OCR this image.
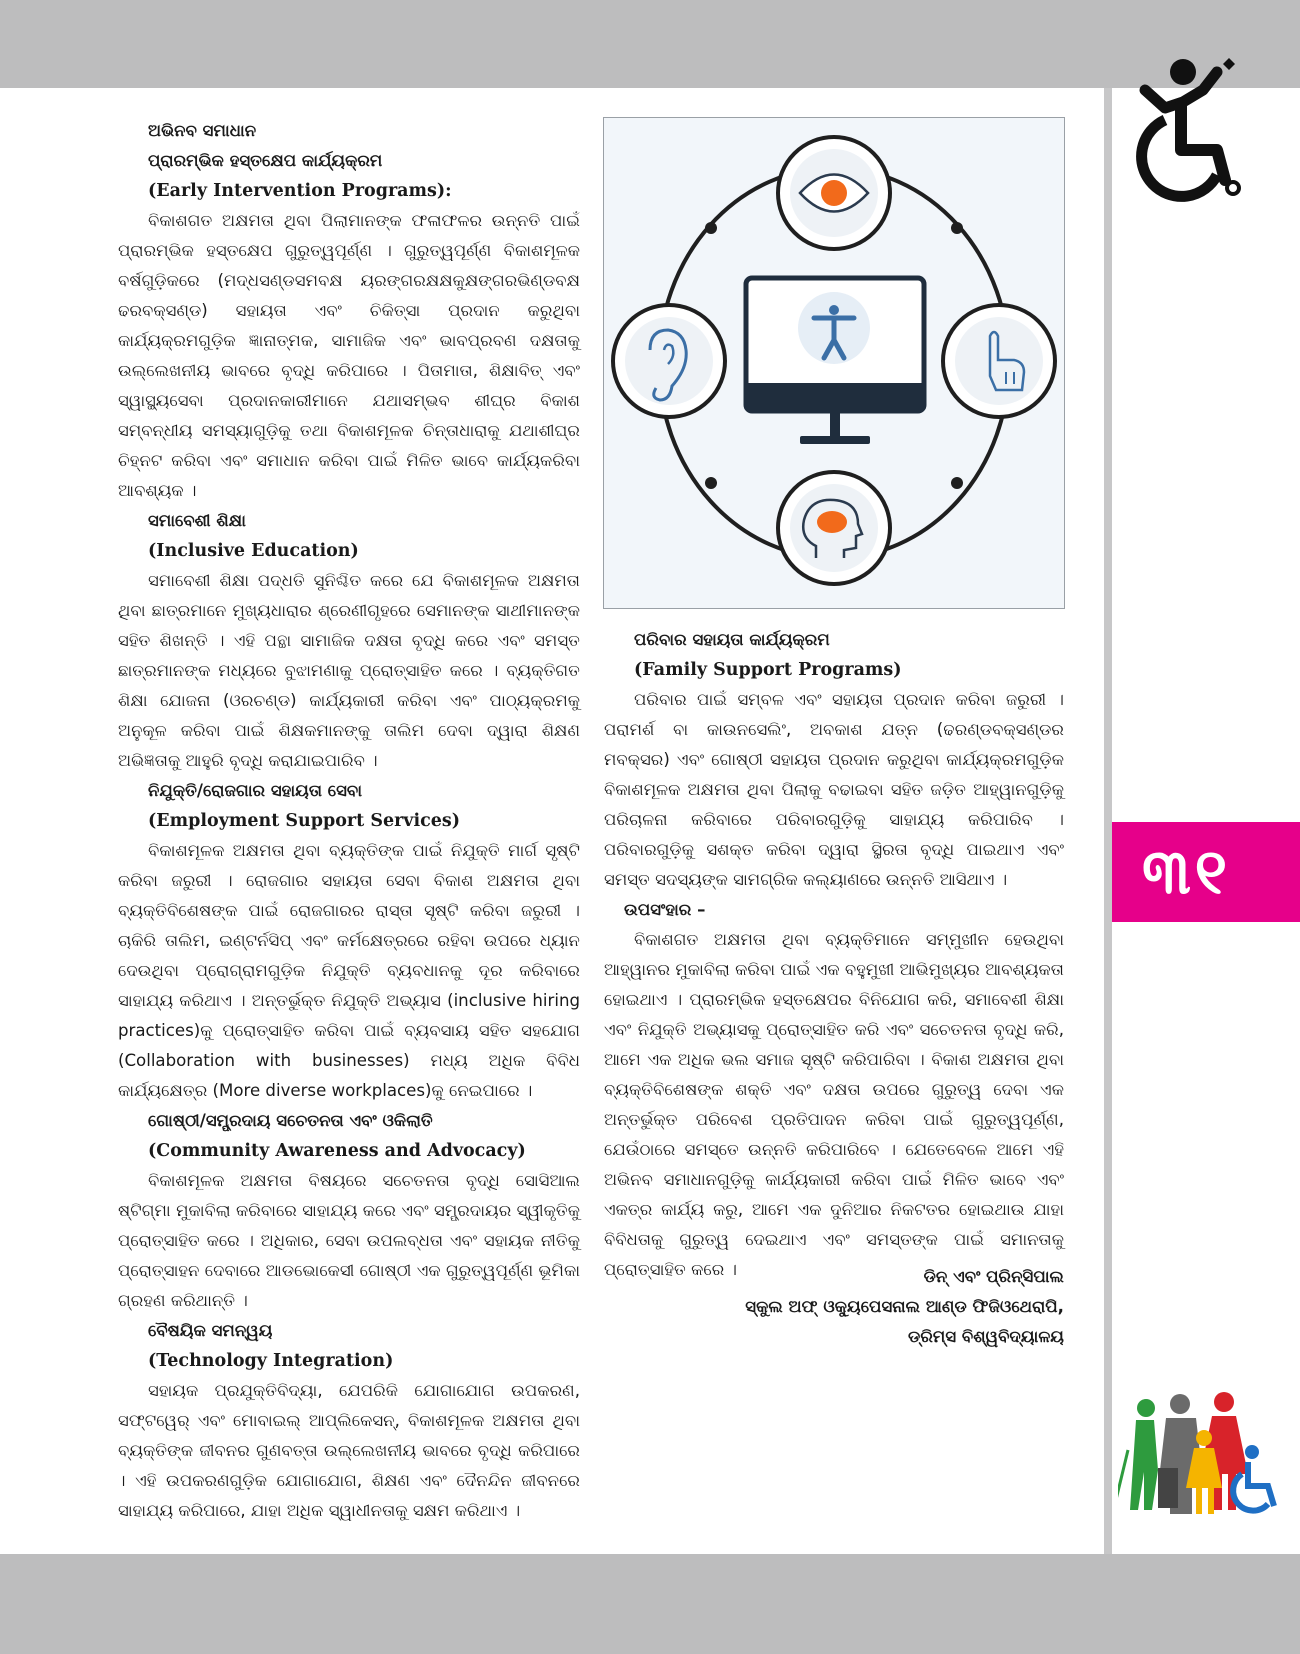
୩୧

ଅଭିନବ ସମାଧାନ

ପ୍ରାରମ୍ଭିକ ହସ୍ତକ୍ଷେପ କାର୍ଯ୍ୟକ୍ରମ

(Early Intervention Programs):

ବିକାଶଗତ ଅକ୍ଷମତା ଥିବା ପିଲାମାନଙ୍କ ଫଳାଫଳର ଉନ୍ନତି ପାଇଁ ପ୍ରାରମ୍ଭିକ ହସ୍ତକ୍ଷେପ ଗୁରୁତ୍ୱପୂର୍ଣ୍ଣ । ଗୁରୁତ୍ୱପୂର୍ଣ୍ଣ ବିକାଶମୂଳକ ବର୍ଷଗୁଡ଼ିକରେ (ମଦ୍ଧସଣ୍ଡସମବକ୍ଷ ୟରଙ୍ଗରକ୍ଷକ୍ଷକୁକ୍ଷଙ୍ଗରଭିଣ୍ଡବକ୍ଷ ଢରବକ୍ସଣ୍ଡ) ସହାୟତା ଏବଂ ଚିକିତ୍ସା ପ୍ରଦାନ କରୁଥିବା କାର୍ଯ୍ୟକ୍ରମଗୁଡ଼ିକ ଜ୍ଞାନାତ୍ମକ, ସାମାଜିକ ଏବଂ ଭାବପ୍ରବଣ ଦକ୍ଷତାକୁ ଉଲ୍ଲେଖନୀୟ ଭାବରେ ବୃଦ୍ଧି କରିପାରେ । ପିତାମାତା, ଶିକ୍ଷାବିତ୍ ଏବଂ ସ୍ୱାସ୍ଥ୍ୟସେବା ପ୍ରଦାନକାରୀମାନେ ଯଥାସମ୍ଭବ ଶୀଘ୍ର ବିକାଶ ସମ୍ବନ୍ଧୀୟ ସମସ୍ୟାଗୁଡ଼ିକୁ ତଥା ବିକାଶମୂଳକ ଚିନ୍ତାଧାରାକୁ ଯଥାଶୀଘ୍ର ଚିହ୍ନଟ କରିବା ଏବଂ ସମାଧାନ କରିବା ପାଇଁ ମିଳିତ ଭାବେ କାର୍ଯ୍ୟକରିବା ଆବଶ୍ୟକ ।

ସମାବେଶୀ ଶିକ୍ଷା

(Inclusive Education)

ସମାବେଶୀ ଶିକ୍ଷା ପଦ୍ଧତି ସୁନିଶ୍ଚିତ କରେ ଯେ ବିକାଶମୂଳକ ଅକ୍ଷମତା ଥିବା ଛାତ୍ରମାନେ ମୁଖ୍ୟଧାରାର ଶ୍ରେଣୀଗୃହରେ ସେମାନଙ୍କ ସାଥୀମାନଙ୍କ ସହିତ ଶିଖନ୍ତି । ଏହି ପନ୍ଥା ସାମାଜିକ ଦକ୍ଷତା ବୃଦ୍ଧି କରେ ଏବଂ ସମସ୍ତ ଛାତ୍ରମାନଙ୍କ ମଧ୍ୟରେ ବୁଝାମଣାକୁ ପ୍ରୋତ୍ସାହିତ କରେ । ବ୍ୟକ୍ତିଗତ ଶିକ୍ଷା ଯୋଜନା (ଓରଚଣ୍ଡ) କାର୍ଯ୍ୟକାରୀ କରିବା ଏବଂ ପାଠ୍ୟକ୍ରମକୁ ଅନୁକୂଳ କରିବା ପାଇଁ ଶିକ୍ଷକମାନଙ୍କୁ ତାଲିମ ଦେବା ଦ୍ୱାରା ଶିକ୍ଷଣ ଅଭିଜ୍ଞତାକୁ ଆହୁରି ବୃଦ୍ଧି କରାଯାଇପାରିବ ।

ନିଯୁକ୍ତି/ରୋଜଗାର ସହାୟତା ସେବା

(Employment Support Services)

ବିକାଶମୂଳକ ଅକ୍ଷମତା ଥିବା ବ୍ୟକ୍ତିଙ୍କ ପାଇଁ ନିଯୁକ୍ତି ମାର୍ଗ ସୃଷ୍ଟି କରିବା ଜରୁରୀ । ରୋଜଗାର ସହାୟତା ସେବା ବିକାଶ ଅକ୍ଷମତା ଥିବା ବ୍ୟକ୍ତିବିଶେଷଙ୍କ ପାଇଁ ରୋଜଗାରର ରାସ୍ତା ସୃଷ୍ଟି କରିବା ଜରୁରୀ । ଚାକିରି ତାଲିମ, ଇଣ୍ଟର୍ନସିପ୍ ଏବଂ କର୍ମକ୍ଷେତ୍ରରେ ରହିବା ଉପରେ ଧ୍ୟାନ ଦେଉଥିବା ପ୍ରୋଗ୍ରାମଗୁଡ଼ିକ ନିଯୁକ୍ତି ବ୍ୟବଧାନକୁ ଦୂର କରିବାରେ ସାହାଯ୍ୟ କରିଥାଏ । ଅନ୍ତର୍ଭୁକ୍ତ ନିଯୁକ୍ତି ଅଭ୍ୟାସ (inclusive hiring practices)କୁ ପ୍ରୋତ୍ସାହିତ କରିବା ପାଇଁ ବ୍ୟବସାୟ ସହିତ ସହଯୋଗ (Collaboration with businesses) ମଧ୍ୟ ଅଧିକ ବିବିଧ କାର୍ଯ୍ୟକ୍ଷେତ୍ର (More diverse workplaces)କୁ ନେଇପାରେ ।

ଗୋଷ୍ଠୀ/ସମ୍ପ୍ରଦାୟ ସଚେତନତା ଏବଂ ଓକିଲାତି

(Community Awareness and Advocacy)

ବିକାଶମୂଳକ ଅକ୍ଷମତା ବିଷୟରେ ସଚେତନତା ବୃଦ୍ଧି ସୋସିଆଲ ଷ୍ଟିଗ୍ମା ମୁକାବିଲା କରିବାରେ ସାହାଯ୍ୟ କରେ ଏବଂ ସମ୍ପ୍ରଦାୟର ସ୍ୱୀକୃତିକୁ ପ୍ରୋତ୍ସାହିତ କରେ । ଅଧିକାର, ସେବା ଉପଲବ୍ଧତା ଏବଂ ସହାୟକ ନୀତିକୁ ପ୍ରୋତ୍ସାହନ ଦେବାରେ ଆଡଭୋକେସୀ ଗୋଷ୍ଠୀ ଏକ ଗୁରୁତ୍ୱପୂର୍ଣ୍ଣ ଭୂମିକା ଗ୍ରହଣ କରିଥାନ୍ତି ।

ବୈଷୟିକ ସମନ୍ୱୟ

(Technology Integration)

ସହାୟକ ପ୍ରଯୁକ୍ତିବିଦ୍ୟା, ଯେପରିକି ଯୋଗାଯୋଗ ଉପକରଣ, ସଫ୍ଟୱେର୍ ଏବଂ ମୋବାଇଲ୍ ଆପ୍ଲିକେସନ୍, ବିକାଶମୂଳକ ଅକ୍ଷମତା ଥିବା ବ୍ୟକ୍ତିଙ୍କ ଜୀବନର ଗୁଣବତ୍ତା ଉଲ୍ଲେଖନୀୟ ଭାବରେ ବୃଦ୍ଧି କରିପାରେ । ଏହି ଉପକରଣଗୁଡ଼ିକ ଯୋଗାଯୋଗ, ଶିକ୍ଷଣ ଏବଂ ଦୈନନ୍ଦିନ ଜୀବନରେ ସାହାଯ୍ୟ କରିପାରେ, ଯାହା ଅଧିକ ସ୍ୱାଧୀନତାକୁ ସକ୍ଷମ କରିଥାଏ ।

ପରିବାର ସହାୟତା କାର୍ଯ୍ୟକ୍ରମ

(Family Support Programs)

ପରିବାର ପାଇଁ ସମ୍ବଳ ଏବଂ ସହାୟତା ପ୍ରଦାନ କରିବା ଜରୁରୀ । ପରାମର୍ଶ ବା କାଉନସେଲିଂ, ଅବକାଶ ଯତ୍ନ (ଢରଣ୍ଡବକ୍ସଣ୍ଡର ମବକ୍ସର) ଏବଂ ଗୋଷ୍ଠୀ ସହାୟତା ପ୍ରଦାନ କରୁଥିବା କାର୍ଯ୍ୟକ୍ରମଗୁଡ଼ିକ ବିକାଶମୂଳକ ଅକ୍ଷମତା ଥିବା ପିଲାକୁ ବଢାଇବା ସହିତ ଜଡ଼ିତ ଆହ୍ୱାନଗୁଡ଼ିକୁ ପରିଚାଳନା କରିବାରେ ପରିବାରଗୁଡ଼ିକୁ ସାହାଯ୍ୟ କରିପାରିବ । ପରିବାରଗୁଡ଼ିକୁ ସଶକ୍ତ କରିବା ଦ୍ୱାରା ସ୍ଥିରତା ବୃଦ୍ଧି ପାଇଥାଏ ଏବଂ ସମସ୍ତ ସଦସ୍ୟଙ୍କ ସାମଗ୍ରିକ କଲ୍ୟାଣରେ ଉନ୍ନତି ଆସିଥାଏ ।

ଉପସଂହାର –

ବିକାଶଗତ ଅକ୍ଷମତା ଥିବା ବ୍ୟକ୍ତିମାନେ ସମ୍ମୁଖୀନ ହେଉଥିବା ଆହ୍ୱାନର ମୁକାବିଲା କରିବା ପାଇଁ ଏକ ବହୁମୁଖୀ ଆଭିମୁଖ୍ୟର ଆବଶ୍ୟକତା ହୋଇଥାଏ । ପ୍ରାରମ୍ଭିକ ହସ୍ତକ୍ଷେପର ବିନିଯୋଗ କରି, ସମାବେଶୀ ଶିକ୍ଷା ଏବଂ ନିଯୁକ୍ତି ଅଭ୍ୟାସକୁ ପ୍ରୋତ୍ସାହିତ କରି ଏବଂ ସଚେତନତା ବୃଦ୍ଧି କରି, ଆମେ ଏକ ଅଧିକ ଭଲ ସମାଜ ସୃଷ୍ଟି କରିପାରିବା । ବିକାଶ ଅକ୍ଷମତା ଥିବା ବ୍ୟକ୍ତିବିଶେଷଙ୍କ ଶକ୍ତି ଏବଂ ଦକ୍ଷତା ଉପରେ ଗୁରୁତ୍ୱ ଦେବା ଏକ ଅନ୍ତର୍ଭୁକ୍ତ ପରିବେଶ ପ୍ରତିପାଦନ କରିବା ପାଇଁ ଗୁରୁତ୍ୱପୂର୍ଣ୍ଣ, ଯେଉଁଠାରେ ସମସ୍ତେ ଉନ୍ନତି କରିପାରିବେ । ଯେତେବେଳେ ଆମେ ଏହି ଅଭିନବ ସମାଧାନଗୁଡ଼ିକୁ କାର୍ଯ୍ୟକାରୀ କରିବା ପାଇଁ ମିଳିତ ଭାବେ ଏବଂ ଏକତ୍ର କାର୍ଯ୍ୟ କରୁ, ଆମେ ଏକ ଦୁନିଆର ନିକଟତର ହୋଇଥାଉ ଯାହା ବିବିଧତାକୁ ଗୁରୁତ୍ୱ ଦେଇଥାଏ ଏବଂ ସମସ୍ତଙ୍କ ପାଇଁ ସମାନତାକୁ ପ୍ରୋତ୍ସାହିତ କରେ ।	ଡିନ୍ ଏବଂ ପ୍ରିନ୍ସିପାଲ
ସ୍କୁଲ ଅଫ୍ ଓକ୍ୟୁପେସନାଲ ଆଣ୍ଡ ଫିଜିଓଥେରାପି,
ଡ୍ରିମ୍ସ ବିଶ୍ୱବିଦ୍ୟାଳୟ
